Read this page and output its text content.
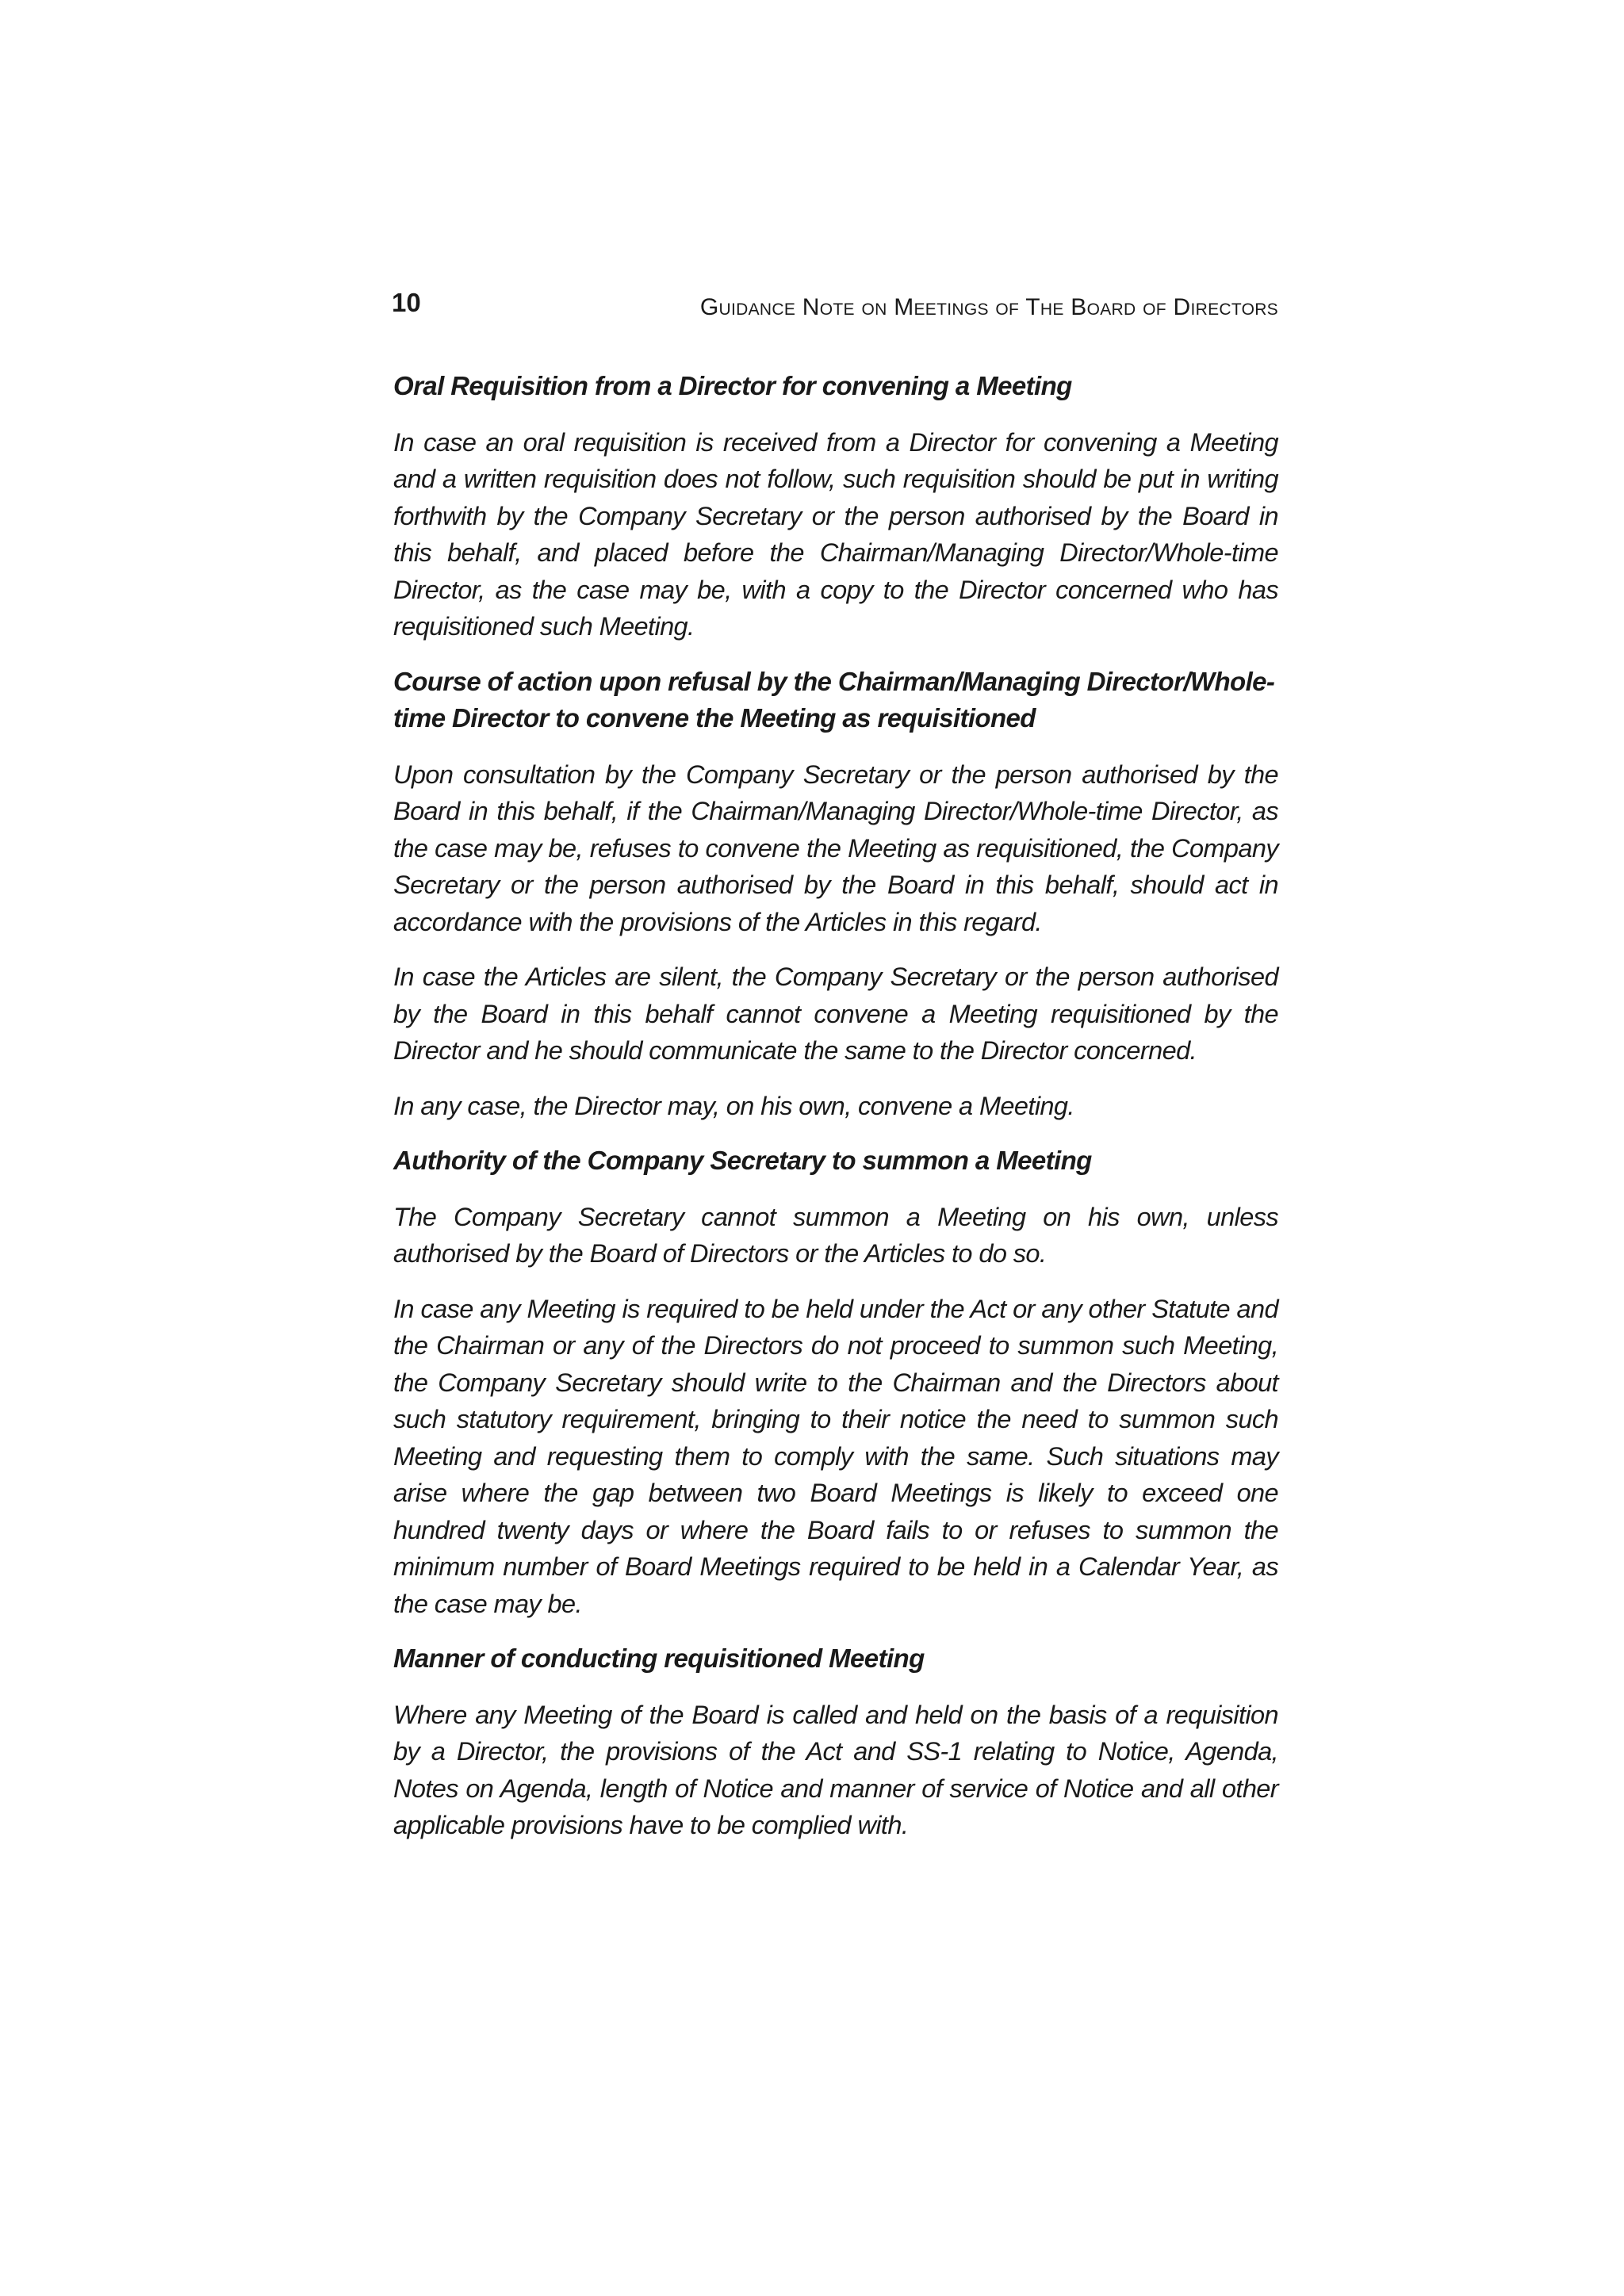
10	Guidance Note on Meetings of The Board of Directors
Oral Requisition from a Director for convening a Meeting

In case an oral requisition is received from a Director for convening a Meeting and a written requisition does not follow, such requisition should be put in writing forthwith by the Company Secretary or the person authorised by the Board in this behalf, and placed before the Chairman/Managing Director/Whole-time Director, as the case may be, with a copy to the Director concerned who has requisitioned such Meeting.

Course of action upon refusal by the Chairman/Managing Director/Whole-time Director to convene the Meeting as requisitioned

Upon consultation by the Company Secretary or the person authorised by the Board in this behalf, if the Chairman/Managing Director/Whole-time Director, as the case may be, refuses to convene the Meeting as requisitioned, the Company Secretary or the person authorised by the Board in this behalf, should act in accordance with the provisions of the Articles in this regard.

In case the Articles are silent, the Company Secretary or the person authorised by the Board in this behalf cannot convene a Meeting requisitioned by the Director and he should communicate the same to the Director concerned.

In any case, the Director may, on his own, convene a Meeting.

Authority of the Company Secretary to summon a Meeting

The Company Secretary cannot summon a Meeting on his own, unless authorised by the Board of Directors or the Articles to do so.

In case any Meeting is required to be held under the Act or any other Statute and the Chairman or any of the Directors do not proceed to summon such Meeting, the Company Secretary should write to the Chairman and the Directors about such statutory requirement, bringing to their notice the need to summon such Meeting and requesting them to comply with the same. Such situations may arise where the gap between two Board Meetings is likely to exceed one hundred twenty days or where the Board fails to or refuses to summon the minimum number of Board Meetings required to be held in a Calendar Year, as the case may be.

Manner of conducting requisitioned Meeting

Where any Meeting of the Board is called and held on the basis of a requisition by a Director, the provisions of the Act and SS-1 relating to Notice, Agenda, Notes on Agenda, length of Notice and manner of service of Notice and all other applicable provisions have to be complied with.
